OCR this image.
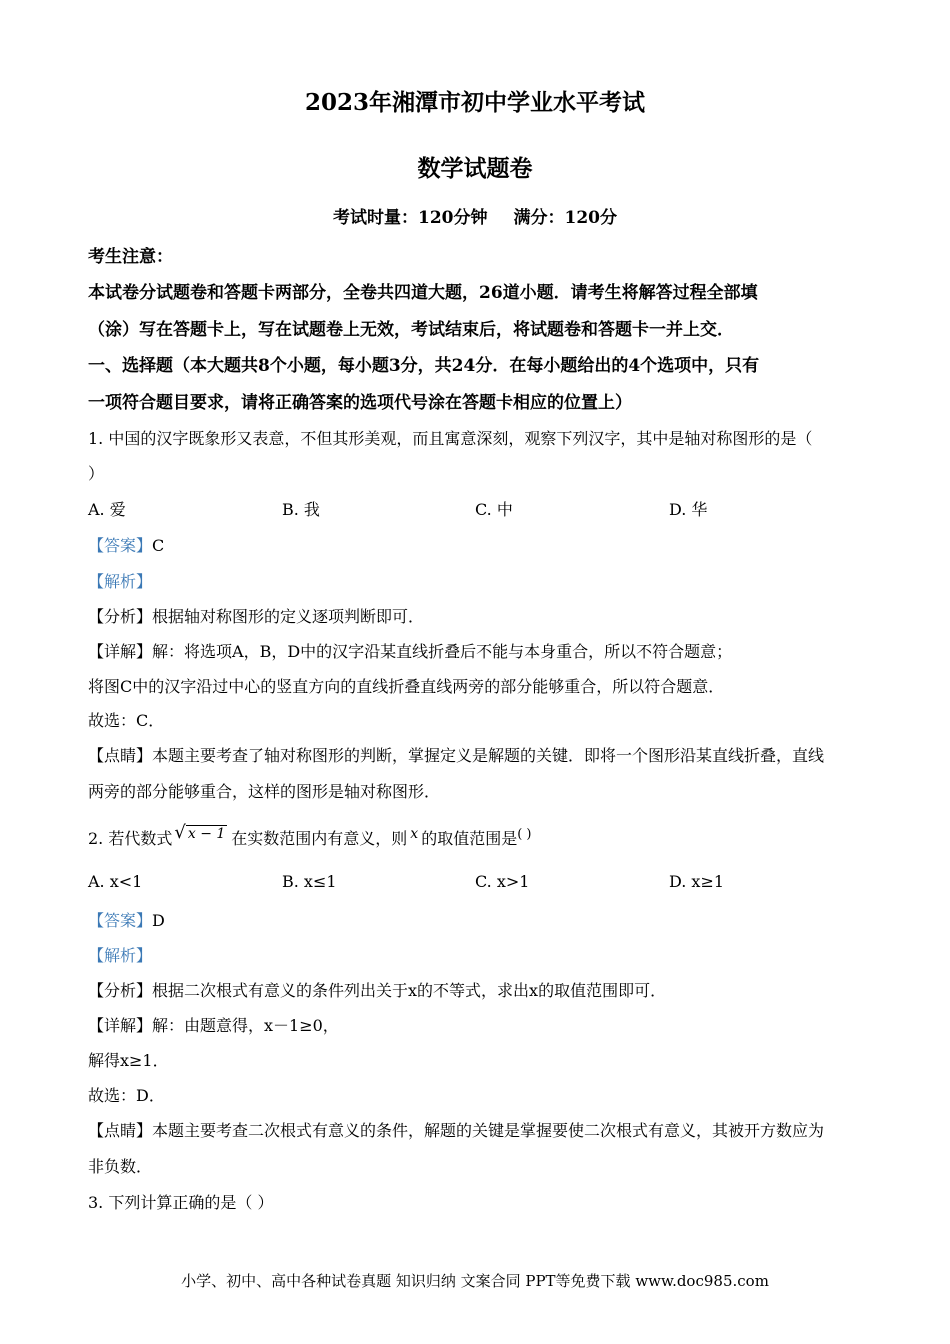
2023年湘潭市初中学业水平考试
数学试题卷
考试时量：120分钟 满分：120分
考生注意：
本试卷分试题卷和答题卡两部分，全卷共四道大题，26道小题．请考生将解答过程全部填
（涂）写在答题卡上，写在试题卷上无效，考试结束后，将试题卷和答题卡一并上交．
一、选择题（本大题共8个小题，每小题3分，共24分．在每小题给出的4个选项中，只有
一项符合题目要求，请将正确答案的选项代号涂在答题卡相应的位置上）
1. 中国的汉字既象形又表意，不但其形美观，而且寓意深刻，观察下列汉字，其中是轴对称图形的是（
）
A. 爱	B. 我	C. 中	D. 华
【答案】C
【解析】
【分析】根据轴对称图形的定义逐项判断即可．
【详解】解：将选项A，B，D中的汉字沿某直线折叠后不能与本身重合，所以不符合题意；
将图C中的汉字沿过中心的竖直方向的直线折叠直线两旁的部分能够重合，所以符合题意．
故选：C．
【点睛】本题主要考查了轴对称图形的判断，掌握定义是解题的关键．即将一个图形沿某直线折叠，直线
两旁的部分能够重合，这样的图形是轴对称图形．
2. 若代数式 √ x − 1 在实数范围内有意义，则 x 的取值范围是( )
A. x<1	B. x≤1	C. x>1	D. x≥1
【答案】D
【解析】
【分析】根据二次根式有意义的条件列出关于x的不等式，求出x的取值范围即可．
【详解】解：由题意得，x－1≥0，
解得x≥1．
故选：D．
【点睛】本题主要考查二次根式有意义的条件，解题的关键是掌握要使二次根式有意义，其被开方数应为
非负数．
3. 下列计算正确的是（ ）
小学、初中、高中各种试卷真题 知识归纳 文案合同 PPT等免费下载 www.doc985.com
